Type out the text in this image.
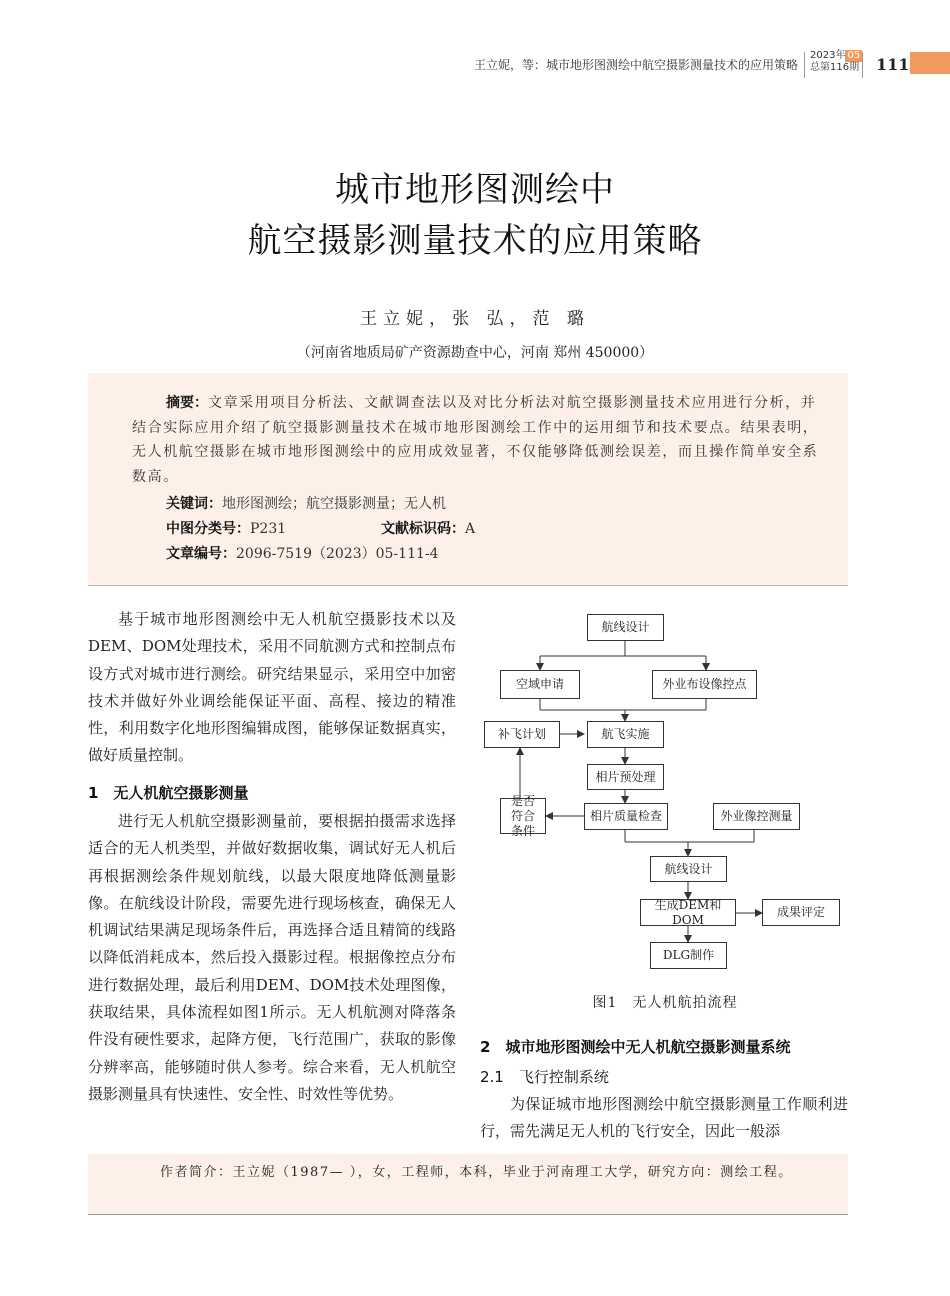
王立妮，等：城市地形图测绘中航空摄影测量技术的应用策略
2023年 05
总第116期 111
城市地形图测绘中
航空摄影测量技术的应用策略
王立妮，张 弘，范 璐
（河南省地质局矿产资源勘查中心，河南 郑州 450000）
摘要：文章采用项目分析法、文献调查法以及对比分析法对航空摄影测量技术应用进行分析，并结合实际应用介绍了航空摄影测量技术在城市地形图测绘工作中的运用细节和技术要点。结果表明，无人机航空摄影在城市地形图测绘中的应用成效显著，不仅能够降低测绘误差，而且操作简单安全系数高。
关键词：地形图测绘；航空摄影测量；无人机
中图分类号：P231	文献标识码：A
文章编号：2096-7519（2023）05-111-4
基于城市地形图测绘中无人机航空摄影技术以及DEM、DOM处理技术，采用不同航测方式和控制点布设方式对城市进行测绘。研究结果显示，采用空中加密技术并做好外业调绘能保证平面、高程、接边的精准性，利用数字化地形图编辑成图，能够保证数据真实，做好质量控制。
1　无人机航空摄影测量
进行无人机航空摄影测量前，要根据拍摄需求选择适合的无人机类型，并做好数据收集，调试好无人机后再根据测绘条件规划航线，以最大限度地降低测量影像。在航线设计阶段，需要先进行现场核查，确保无人机调试结果满足现场条件后，再选择合适且精简的线路以降低消耗成本，然后投入摄影过程。根据像控点分布进行数据处理，最后利用DEM、DOM技术处理图像，获取结果，具体流程如图1所示。无人机航测对降落条件没有硬性要求，起降方便，飞行范围广，获取的影像分辨率高，能够随时供人参考。综合来看，无人机航空摄影测量具有快速性、安全性、时效性等优势。
航线设计
空域申请	外业布设像控点
补飞计划	航飞实施
相片预处理
是否符合条件
相片质量检查	外业像控测量
航线设计
生成DEM和DOM
成果评定
DLG制作
图1　无人机航拍流程
2　城市地形图测绘中无人机航空摄影测量系统
2.1　飞行控制系统
为保证城市地形图测绘中航空摄影测量工作顺利进行，需先满足无人机的飞行安全，因此一般添
作者简介：王立妮（1987— ），女，工程师，本科，毕业于河南理工大学，研究方向：测绘工程。
